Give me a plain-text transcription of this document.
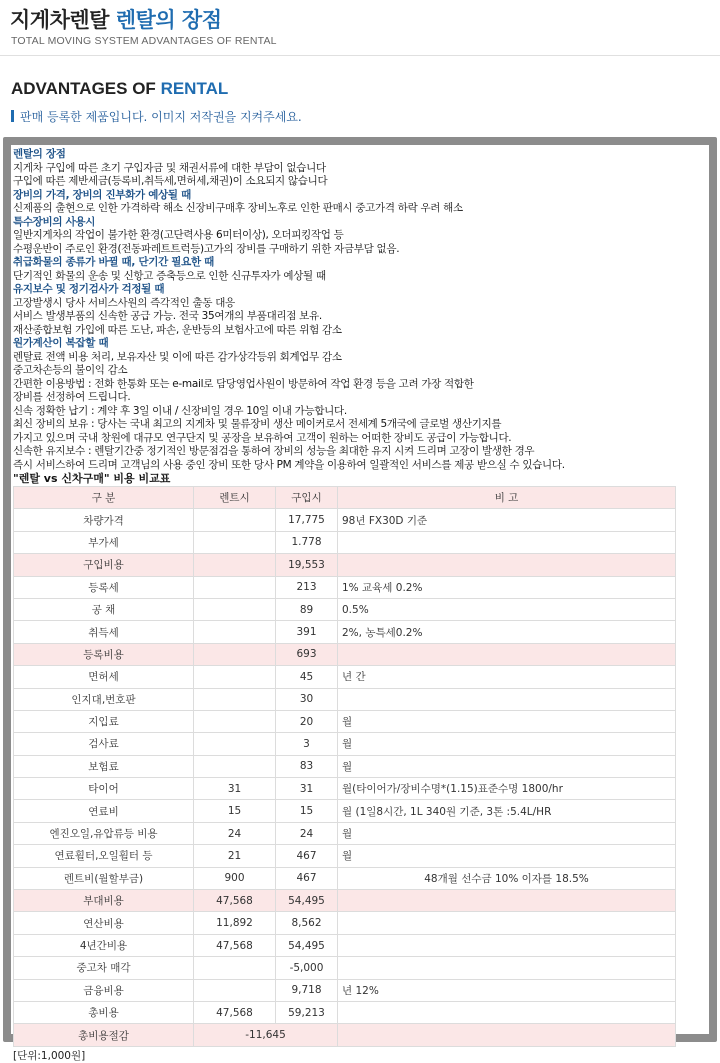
지게차렌탈 렌탈의 장점
TOTAL MOVING SYSTEM ADVANTAGES OF RENTAL
ADVANTAGES OF RENTAL
판매 등록한 제품입니다. 이미지 저작권을 지켜주세요.
렌탈의 장점
지게차 구입에 따른 초기 구입자금 및 채권서류에 대한 부담이 없습니다
구입에 따른 제반세금(등록비,취득세,면허세,채권)이 소요되지 않습니다
장비의 가격, 장비의 진부화가 예상될 때
신제품의 출현으로 인한 가격하락 해소 신장비구매후 장비노후로 인한 판매시 중고가격 하락 우려 해소
특수장비의 사용시
일반지게차의 작업이 불가한 환경(고단력사용 6미터이상), 오더피킹작업 등
수평운반이 주로인 환경(전동파레트트럭등)고가의 장비를 구매하기 위한 자금부담 없음.
취급화물의 종류가 바뀔 때, 단기간 필요한 때
단기적인 화물의 운송 및 신항고 증축등으로 인한 신규투자가 예상될 때
유지보수 및 정기검사가 걱정될 때
고장발생시 당사 서비스사원의 즉각적인 출동 대응
서비스 발생부품의 신속한 공급 가능. 전국 35여개의 부품대리점 보유.
재산종합보험 가입에 따른 도난, 파손, 운반등의 보험사고에 따른 위험 감소
원가계산이 복잡할 때
렌탈료 전액 비용 처리, 보유자산 및 이에 따른 감가상각등위 회계업무 감소
중고차손등의 불이익 감소
간편한 이용방법 : 전화 한통화 또는 e-mail로 담당영업사원이 방문하여 작업 환경 등을 고려 가장 적합한
장비를 선정하여 드립니다.
신속 정확한 납기 : 계약 후 3일 이내 / 신장비일 경우 10일 이내 가능합니다.
최신 장비의 보유 : 당사는 국내 최고의 지게차 및 물류장비 생산 메이커로서 전세계 5개국에 글로벌 생산기지를
가지고 있으며 국내 창원에 대규모 연구단지 및 공장을 보유하여 고객이 원하는 어떠한 장비도 공급이 가능합니다.
신속한 유지보수 : 렌탈기간중 정기적인 방문점검을 통하여 장비의 성능을 최대한 유지 시켜 드리며 고장이 발생한 경우
즉시 서비스하여 드리며 고객님의 사용 중인 장비 또한 당사 PM 계약을 이용하여 일괄적인 서비스를 제공 받으실 수 있습니다.
"렌탈 vs 신차구매" 비용 비교표
구 분	렌트시	구입시	비 고
차량가격		17,775	98년 FX30D 기준
부가세		1.778	
구입비용		19,553	
등록세		213	1% 교육세 0.2%
공 채		89	0.5%
취득세		391	2%, 농특세0.2%
등록비용		693	
면허세		45	년 간
인지대,번호판		30	
지입료		20	월
검사료		3	월
보험료		83	월
타이어	31	31	월(타이어가/장비수명*(1.15)표준수명 1800/hr
연료비	15	15	월 (1일8시간, 1L 340원 기준, 3톤 :5.4L/HR
엔진오일,유압류등 비용	24	24	월
연료휠터,오일휠터 등	21	467	월
렌트비(월할부금)	900	467	48개월 선수금 10% 이자를 18.5%
부대비용	47,568	54,495	
연산비용	11,892	8,562	
4년간비용	47,568	54,495	
중고차 매각		-5,000	
금융비용		9,718	년 12%
총비용	47,568	59,213	
총비용절감	-11,645		
[단위:1,000원]
